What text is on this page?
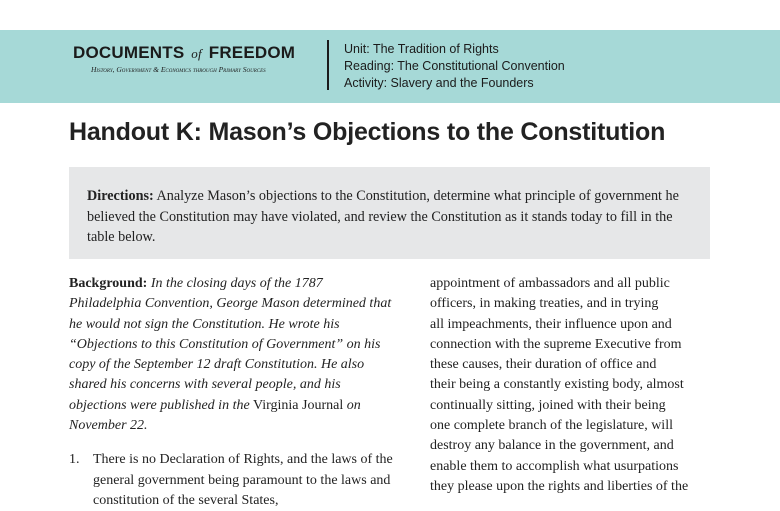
DOCUMENTS of FREEDOM
History, Government & Economics through Primary Sources
Unit: The Tradition of Rights
Reading: The Constitutional Convention
Activity: Slavery and the Founders
Handout K: Mason’s Objections to the Constitution
Directions: Analyze Mason’s objections to the Constitution, determine what principle of government he believed the Constitution may have violated, and review the Constitution as it stands today to fill in the table below.
Background: In the closing days of the 1787 Philadelphia Convention, George Mason determined that he would not sign the Constitution. He wrote his “Objections to this Constitution of Government” on his copy of the September 12 draft Constitution. He also shared his concerns with several people, and his objections were published in the Virginia Journal on November 22.
1. There is no Declaration of Rights, and the laws of the general government being paramount to the laws and constitution of the several States,
appointment of ambassadors and all public
officers, in making treaties, and in trying
all impeachments, their influence upon and
connection with the supreme Executive from
these causes, their duration of office and
their being a constantly existing body, almost
continually sitting, joined with their being
one complete branch of the legislature, will
destroy any balance in the government, and
enable them to accomplish what usurpations
they please upon the rights and liberties of the
